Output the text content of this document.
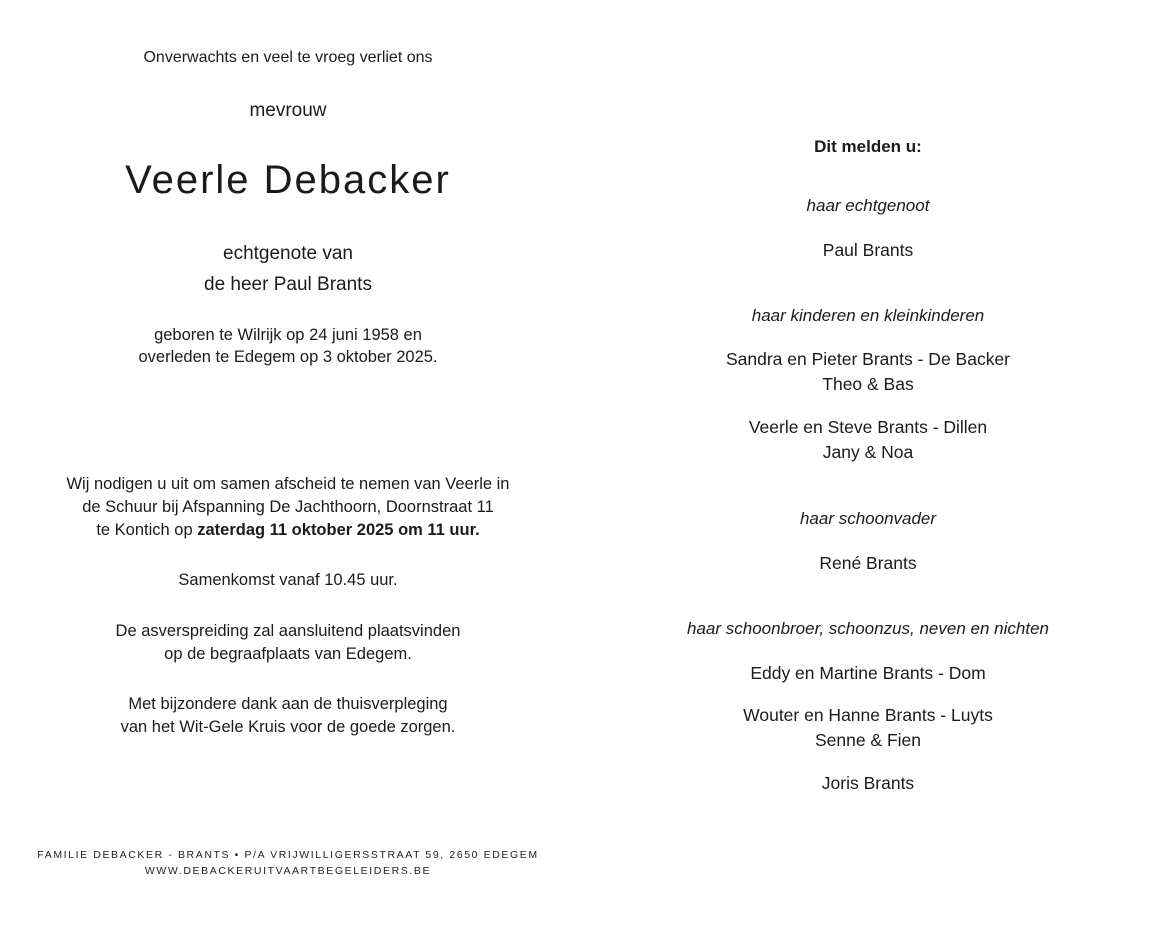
Onverwachts en veel te vroeg verliet ons

mevrouw

Veerle Debacker

echtgenote van
de heer Paul Brants

geboren te Wilrijk op 24 juni 1958 en
overleden te Edegem op 3 oktober 2025.

Wij nodigen u uit om samen afscheid te nemen van Veerle in
de Schuur bij Afspanning De Jachthoorn, Doornstraat 11
te Kontich op zaterdag 11 oktober 2025 om 11 uur.

Samenkomst vanaf 10.45 uur.

De asverspreiding zal aansluitend plaatsvinden
op de begraafplaats van Edegem.

Met bijzondere dank aan de thuisverpleging
van het Wit-Gele Kruis voor de goede zorgen.

FAMILIE DEBACKER - BRANTS • P/A VRIJWILLIGERSSTRAAT 59, 2650 EDEGEM
WWW.DEBACKERUITVAARTBEGELEIDERS.BE

Dit melden u:

haar echtgenoot

Paul Brants

haar kinderen en kleinkinderen

Sandra en Pieter Brants - De Backer
Theo & Bas

Veerle en Steve Brants - Dillen
Jany & Noa

haar schoonvader

René Brants

haar schoonbroer, schoonzus, neven en nichten

Eddy en Martine Brants - Dom

Wouter en Hanne Brants - Luyts
Senne & Fien

Joris Brants
